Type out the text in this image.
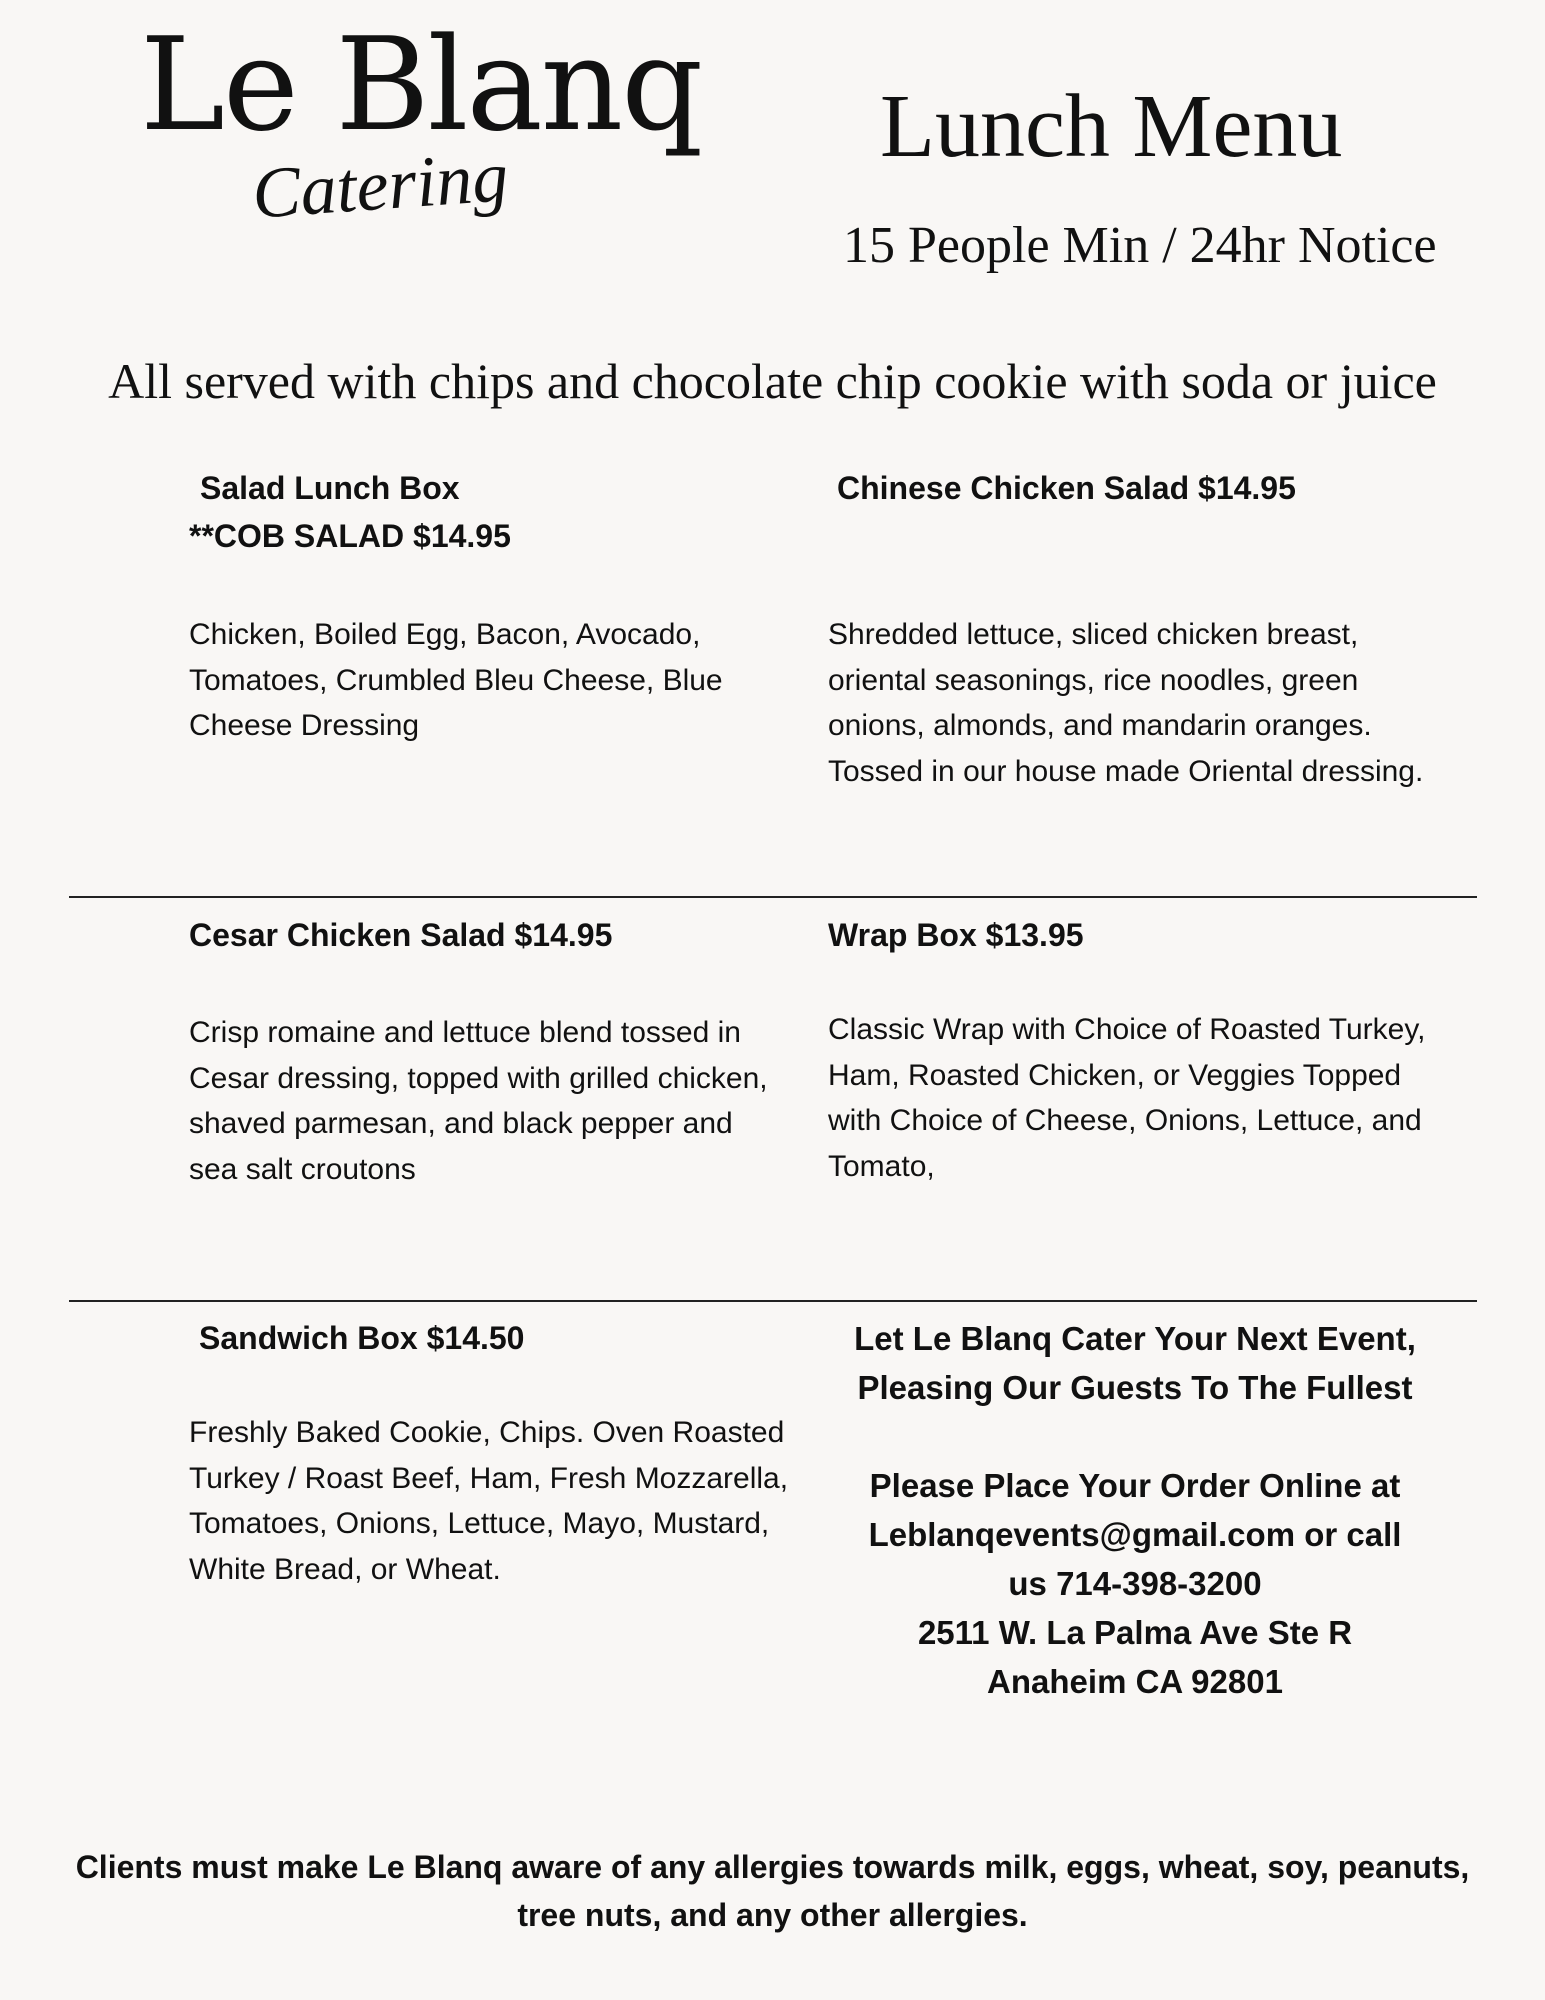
Le Blanq
Catering
Lunch Menu
15 People Min / 24hr Notice
All served with chips and chocolate chip cookie with soda or juice
Salad Lunch Box
**COB SALAD $14.95
Chicken, Boiled Egg, Bacon, Avocado, Tomatoes, Crumbled Bleu Cheese, Blue Cheese Dressing
Chinese Chicken Salad $14.95
Shredded lettuce, sliced chicken breast, oriental seasonings, rice noodles, green onions, almonds, and mandarin oranges. Tossed in our house made Oriental dressing.
Cesar Chicken Salad $14.95
Crisp romaine and lettuce blend tossed in Cesar dressing, topped with grilled chicken, shaved parmesan, and black pepper and sea salt croutons
Wrap Box $13.95
Classic Wrap with Choice of Roasted Turkey, Ham, Roasted Chicken, or Veggies Topped with Choice of Cheese, Onions, Lettuce, and Tomato,
Sandwich Box $14.50
Freshly Baked Cookie, Chips. Oven Roasted Turkey / Roast Beef, Ham, Fresh Mozzarella, Tomatoes, Onions, Lettuce, Mayo, Mustard, White Bread, or Wheat.
Let Le Blanq Cater Your Next Event,
Pleasing Our Guests To The Fullest
Please Place Your Order Online at
Leblanqevents@gmail.com or call
us 714-398-3200
2511 W. La Palma Ave Ste R
Anaheim CA 92801
Clients must make Le Blanq aware of any allergies towards milk, eggs, wheat, soy, peanuts,
tree nuts, and any other allergies.
